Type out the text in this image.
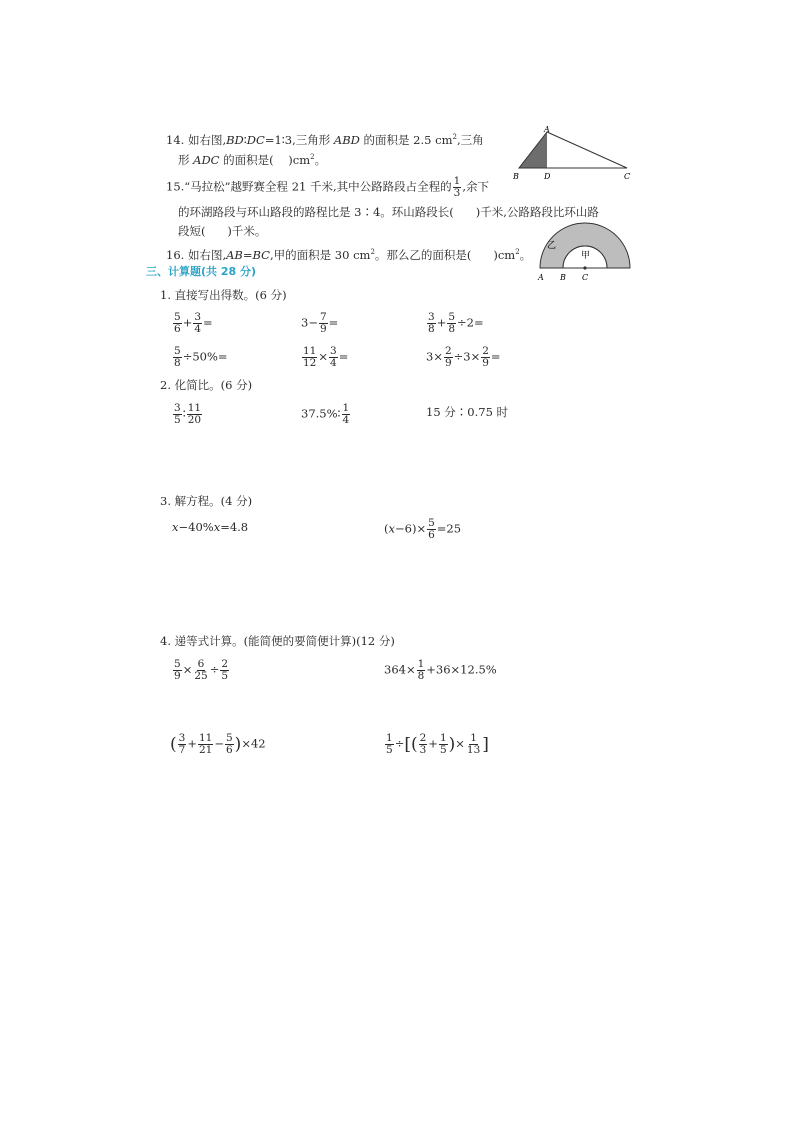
14. 如右图,BD∶DC=1∶3,三角形 ABD 的面积是 2.5 $cm^2$,三角
形 ADC 的面积是( )$cm^2$。
A
B	D	C
15.“马拉松”越野赛全程 21 千米,其中公路路段占全程的 $\frac{1}{3}$ ,余下
的环湖路段与环山路段的路程比是 3∶4。环山路段长(      )千米,公路路段比环山路
段短(      )千米。
16. 如右图,AB=BC,甲的面积是 30 $cm^2$。那么乙的面积是( )$cm^2$。
乙
甲
A B C
三、计算题(共 28 分)
1. 直接写出得数。(6 分)
$\frac{5}{6} + \frac{3}{4}$ =	$3- \frac{7}{9}$ =	$\frac{3}{8} + \frac{5}{8} \div 2=$
$\frac{5}{8} \div 50\%=$	$\frac{11}{12} \times \frac{3}{4}$ =	$3\times \frac{2}{9} \div 3\times \frac{2}{9}$ =
2. 化简比。(6 分)
$\frac{3}{5}$ ∶ $\frac{11}{20}$	37.5%∶ $\frac{1}{4}$	15 分∶0.75 时
3. 解方程。(4 分)
x−40%x=4.8	$(x-6)\times \frac{5}{6} =25$
4. 递等式计算。(能简便的要简便计算)(12 分)
$\frac{5}{9} \times \frac{6}{25} \div \frac{2}{5}$	$364\times \frac{1}{8} +36\times 12.5\%$
( $\frac{3}{7} + \frac{11}{21} - \frac{5}{6} )\times 42$	$\frac{1}{5}$ ÷[( $\frac{2}{3} + \frac{1}{5}$ )× $\frac{1}{13}$ ]
